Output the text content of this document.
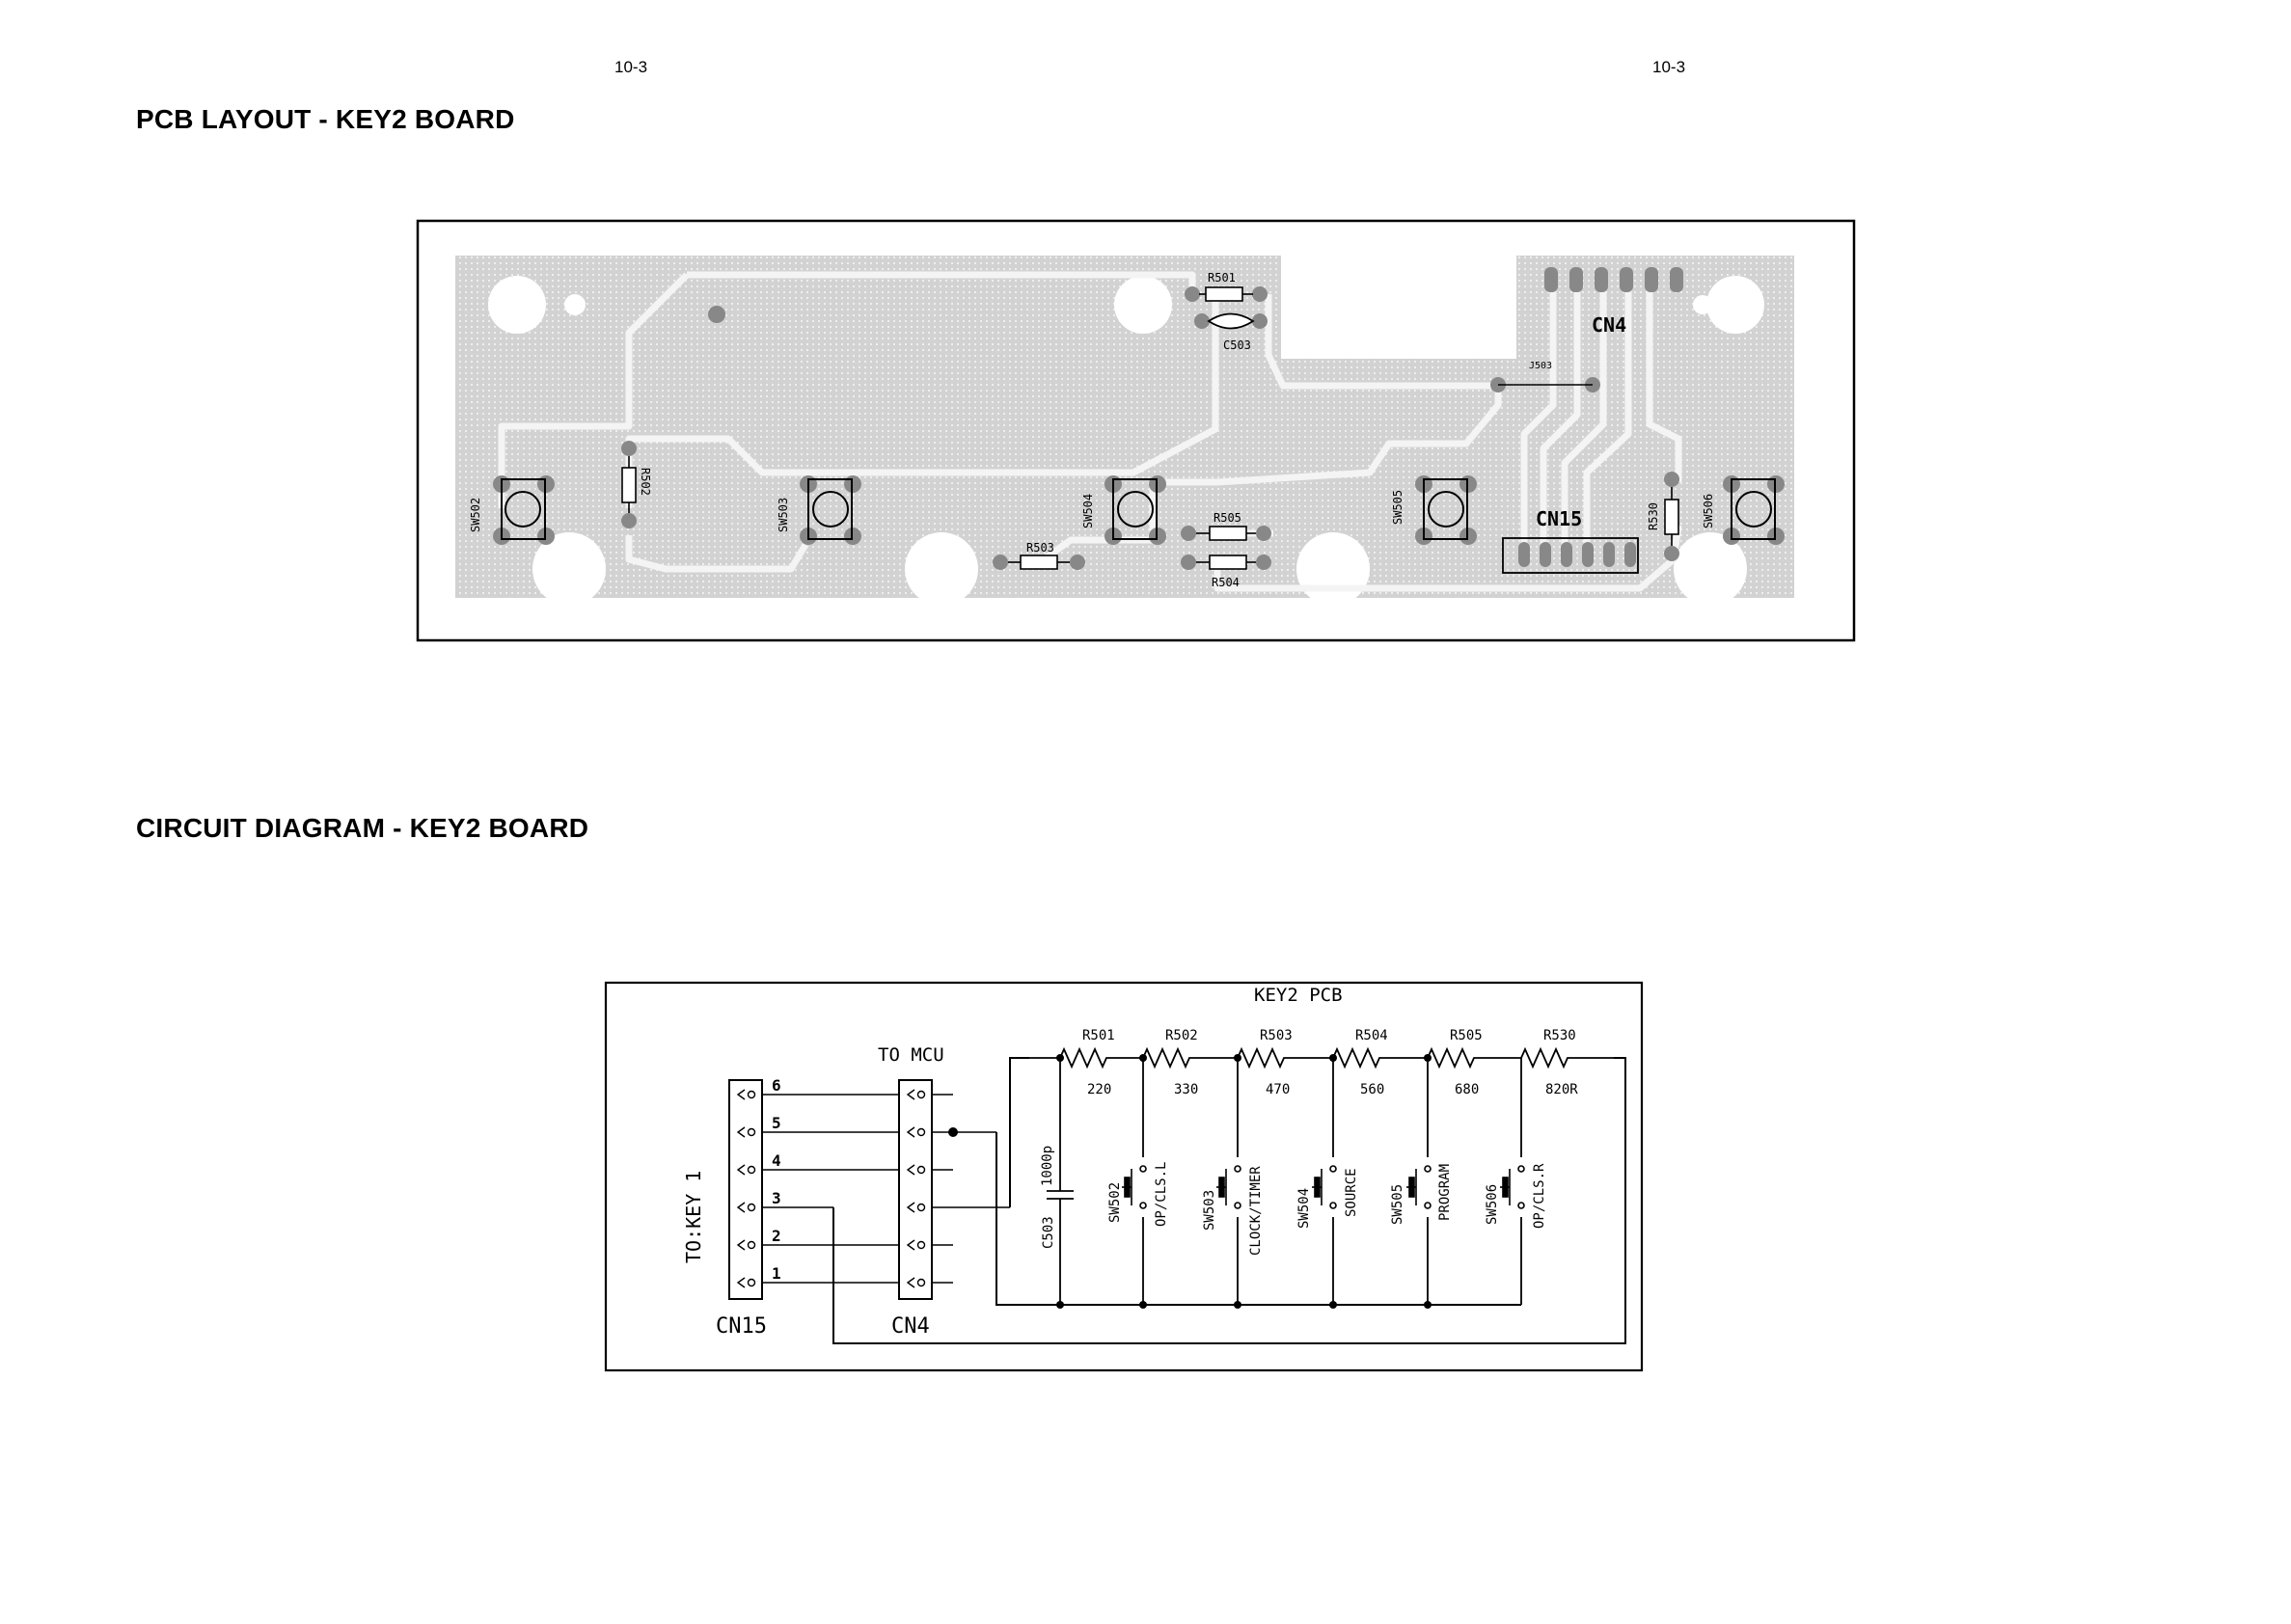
10-3	10-3
PCB LAYOUT - KEY2 BOARD
CIRCUIT DIAGRAM - KEY2 BOARD
R501
C503
CN4
J503
SW502
R502
SW503	SW504	R505
R504
R503
SW505	CN15	R530	SW506
KEY2 PCB
TO MCU
TO:KEY 1
CN15	CN4
6
5
4
3
2
1
1000p
C503
R501
220
R502
330
R503
470
R504
560
R505
680
R530
820R
SW502 OP/CLS.L SW503 CLOCK/TIMER SW504 SOURCE SW505 PROGRAM SW506 OP/CLS.R
